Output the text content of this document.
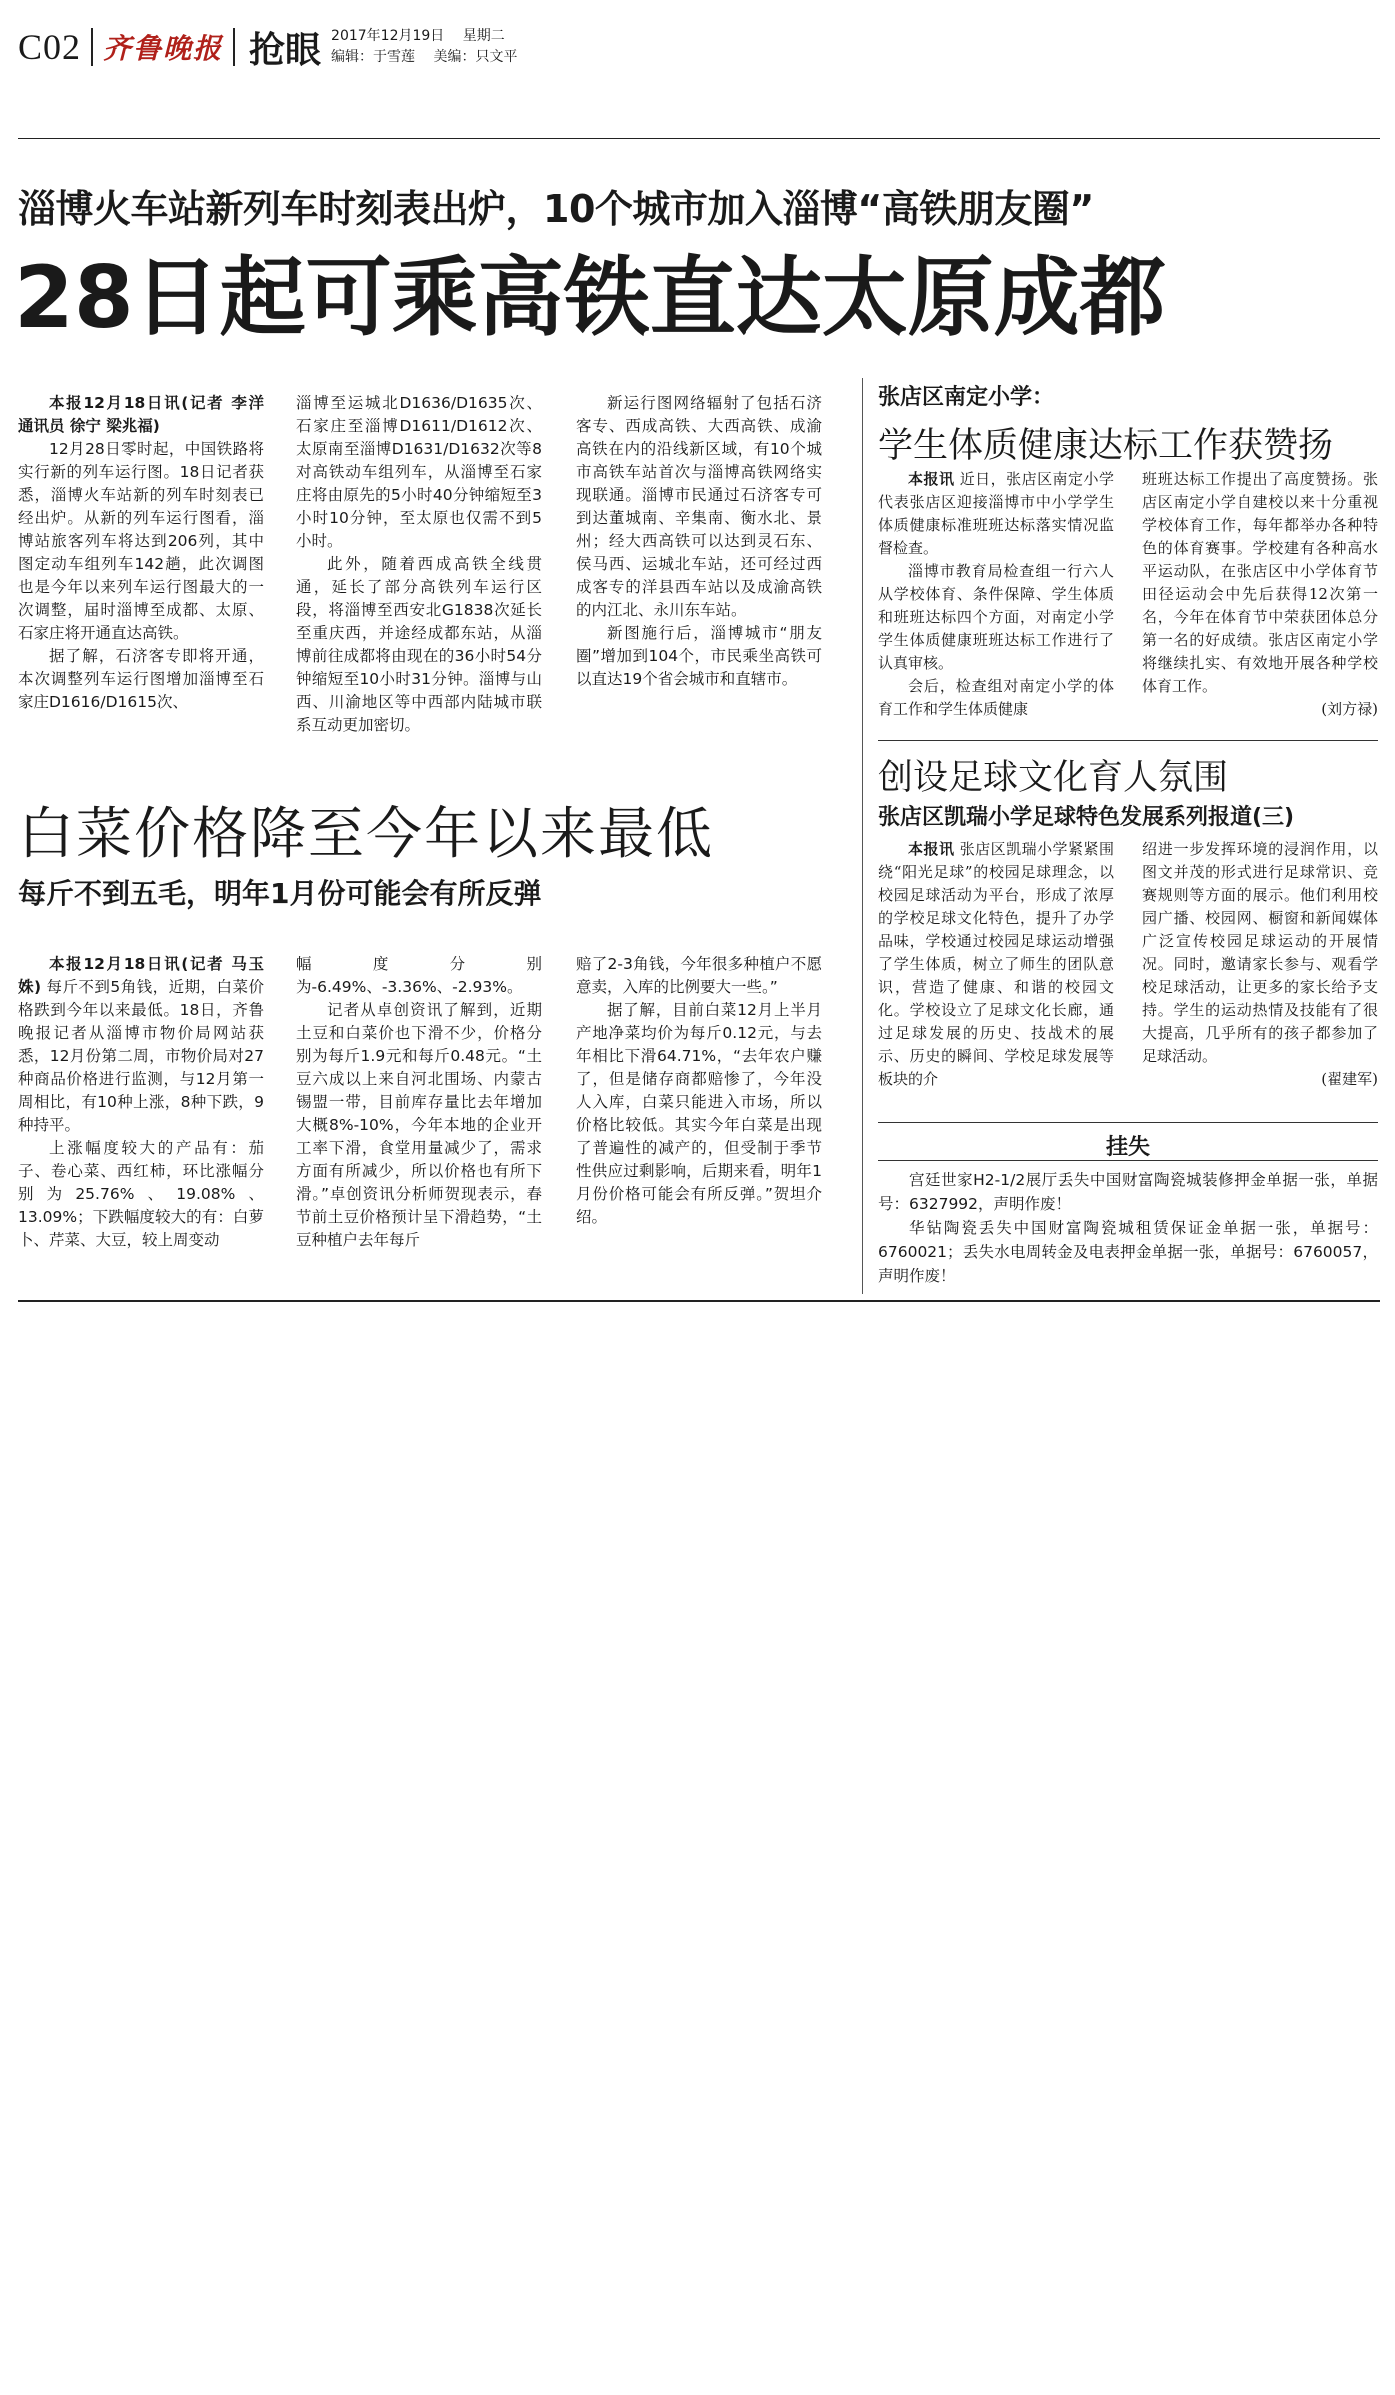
C02 齐鲁晚报 抢眼 2017年12月19日 星期二
编辑：于雪莲 美编：只文平
淄博火车站新列车时刻表出炉，10个城市加入淄博“高铁朋友圈”
28日起可乘高铁直达太原成都

本报12月18日讯(记者 李洋 通讯员 徐宁 梁兆福)

12月28日零时起，中国铁路将实行新的列车运行图。18日记者获悉，淄博火车站新的列车时刻表已经出炉。从新的列车运行图看，淄博站旅客列车将达到206列，其中图定动车组列车142趟，此次调图也是今年以来列车运行图最大的一次调整，届时淄博至成都、太原、石家庄将开通直达高铁。

据了解，石济客专即将开通，本次调整列车运行图增加淄博至石家庄D1616/D1615次、

淄博至运城北D1636/D1635次、石家庄至淄博D1611/D1612次、太原南至淄博D1631/D1632次等8对高铁动车组列车，从淄博至石家庄将由原先的5小时40分钟缩短至3小时10分钟，至太原也仅需不到5小时。

此外，随着西成高铁全线贯通，延长了部分高铁列车运行区段，将淄博至西安北G1838次延长至重庆西，并途经成都东站，从淄博前往成都将由现在的36小时54分钟缩短至10小时31分钟。淄博与山西、川渝地区等中西部内陆城市联系互动更加密切。

新运行图网络辐射了包括石济客专、西成高铁、大西高铁、成渝高铁在内的沿线新区域，有10个城市高铁车站首次与淄博高铁网络实现联通。淄博市民通过石济客专可到达董城南、辛集南、衡水北、景州；经大西高铁可以达到灵石东、侯马西、运城北车站，还可经过西成客专的洋县西车站以及成渝高铁的内江北、永川东车站。

新图施行后，淄博城市“朋友圈”增加到104个，市民乘坐高铁可以直达19个省会城市和直辖市。

白菜价格降至今年以来最低
每斤不到五毛，明年1月份可能会有所反弹

本报12月18日讯(记者 马玉姝) 每斤不到5角钱，近期，白菜价格跌到今年以来最低。18日，齐鲁晚报记者从淄博市物价局网站获悉，12月份第二周，市物价局对27种商品价格进行监测，与12月第一周相比，有10种上涨，8种下跌，9种持平。

上涨幅度较大的产品有：茄子、卷心菜、西红柿，环比涨幅分别为25.76%、19.08%、13.09%；下跌幅度较大的有：白萝卜、芹菜、大豆，较上周变动

幅度分别为-6.49%、-3.36%、-2.93%。

记者从卓创资讯了解到，近期土豆和白菜价也下滑不少，价格分别为每斤1.9元和每斤0.48元。“土豆六成以上来自河北围场、内蒙古锡盟一带，目前库存量比去年增加大概8%-10%，今年本地的企业开工率下滑，食堂用量减少了，需求方面有所减少，所以价格也有所下滑。”卓创资讯分析师贺现表示，春节前土豆价格预计呈下滑趋势，“土豆种植户去年每斤

赔了2-3角钱，今年很多种植户不愿意卖，入库的比例要大一些。”

据了解，目前白菜12月上半月产地净菜均价为每斤0.12元，与去年相比下滑64.71%，“去年农户赚了，但是储存商都赔惨了，今年没人入库，白菜只能进入市场，所以价格比较低。其实今年白菜是出现了普遍性的减产的，但受制于季节性供应过剩影响，后期来看，明年1月份价格可能会有所反弹。”贺坦介绍。

张店区南定小学：
学生体质健康达标工作获赞扬

本报讯 近日，张店区南定小学代表张店区迎接淄博市中小学学生体质健康标准班班达标落实情况监督检查。

淄博市教育局检查组一行六人从学校体育、条件保障、学生体质和班班达标四个方面，对南定小学学生体质健康班班达标工作进行了认真审核。

会后，检查组对南定小学的体育工作和学生体质健康

班班达标工作提出了高度赞扬。张店区南定小学自建校以来十分重视学校体育工作，每年都举办各种特色的体育赛事。学校建有各种高水平运动队，在张店区中小学体育节田径运动会中先后获得12次第一名，今年在体育节中荣获团体总分第一名的好成绩。张店区南定小学将继续扎实、有效地开展各种学校体育工作。

(刘方禄)

创设足球文化育人氛围
张店区凯瑞小学足球特色发展系列报道(三)

本报讯 张店区凯瑞小学紧紧围绕“阳光足球”的校园足球理念，以校园足球活动为平台，形成了浓厚的学校足球文化特色，提升了办学品味，学校通过校园足球运动增强了学生体质，树立了师生的团队意识，营造了健康、和谐的校园文化。学校设立了足球文化长廊，通过足球发展的历史、技战术的展示、历史的瞬间、学校足球发展等板块的介

绍进一步发挥环境的浸润作用，以图文并茂的形式进行足球常识、竞赛规则等方面的展示。他们利用校园广播、校园网、橱窗和新闻媒体广泛宣传校园足球运动的开展情况。同时，邀请家长参与、观看学校足球活动，让更多的家长给予支持。学生的运动热情及技能有了很大提高，几乎所有的孩子都参加了足球活动。

(翟建军)

挂失

宫廷世家H2-1/2展厅丢失中国财富陶瓷城装修押金单据一张，单据号：6327992，声明作废！

华钻陶瓷丢失中国财富陶瓷城租赁保证金单据一张，单据号：6760021；丢失水电周转金及电表押金单据一张，单据号：6760057，声明作废！
